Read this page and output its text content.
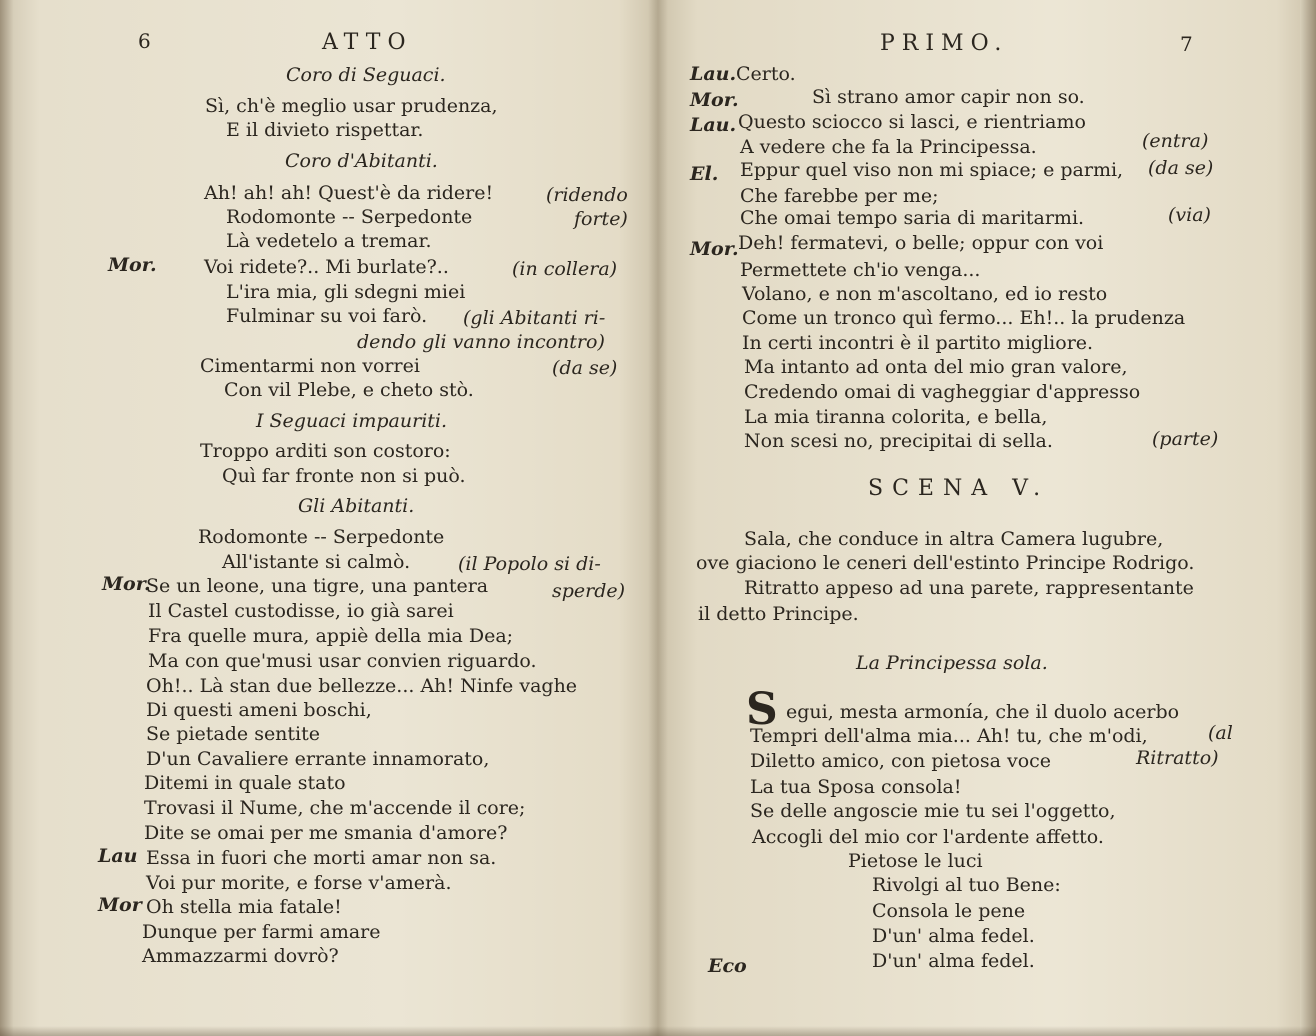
6	ATTO
Coro di Seguaci.
Sì, ch'è meglio usar prudenza,
E il divieto rispettar.
Coro d'Abitanti.
Ah! ah! ah! Quest'è da ridere!	(ridendo
Rodomonte -- Serpedonte	forte)
Là vedetelo a tremar.
Mor. Voi ridete?.. Mi burlate?..	(in collera)
L'ira mia, gli sdegni miei
Fulminar su voi farò. (gli Abitanti ri-
dendo gli vanno incontro)
Cimentarmi non vorrei	(da se)
Con vil Plebe, e cheto stò.
I Seguaci impauriti.
Troppo arditi son costoro:
Quì far fronte non si può.
Gli Abitanti.
Rodomonte -- Serpedonte
All'istante si calmò.	(il Popolo si di-
Mor.
Se un leone, una tigre, una pantera	sperde)
Il Castel custodisse, io già sarei
Fra quelle mura, appiè della mia Dea;
Ma con que'musi usar convien riguardo.
Oh!.. Là stan due bellezze... Ah! Ninfe vaghe
Di questi ameni boschi,
Se pietade sentite
D'un Cavaliere errante innamorato,
Ditemi in quale stato
Trovasi il Nume, che m'accende il core;
Dite se omai per me smania d'amore?
Lau Essa in fuori che morti amar non sa.
Voi pur morite, e forse v'amerà.
Mor Oh stella mia fatale!
Dunque per farmi amare
Ammazzarmi dovrò?
PRIMO.	7
Lau. Certo.
Mor.	Sì strano amor capir non so.
Lau. Questo sciocco si lasci, e rientriamo
A vedere che fa la Principessa.	(entra)
El. Eppur quel viso non mi spiace; e parmi, (da se)
Che farebbe per me;
Che omai tempo saria di maritarmi.	(via)
Mor. Deh! fermatevi, o belle; oppur con voi
Permettete ch'io venga...
Volano, e non m'ascoltano, ed io resto
Come un tronco quì fermo... Eh!.. la prudenza
In certi incontri è il partito migliore.
Ma intanto ad onta del mio gran valore,
Credendo omai di vagheggiar d'appresso
La mia tiranna colorita, e bella,
Non scesi no, precipitai di sella.	(parte)
SCENA V.
Sala, che conduce in altra Camera lugubre,
ove giaciono le ceneri dell'estinto Principe Rodrigo.
Ritratto appeso ad una parete, rappresentante
il detto Principe.
La Principessa sola.
S egui, mesta armonía, che il duolo acerbo
Tempri dell'alma mia... Ah! tu, che m'odi,	(al
Diletto amico, con pietosa voce	Ritratto)
La tua Sposa consola!
Se delle angoscie mie tu sei l'oggetto,
Accogli del mio cor l'ardente affetto.
Pietose le luci
Rivolgi al tuo Bene:
Consola le pene
D'un' alma fedel.
Eco	D'un' alma fedel.
